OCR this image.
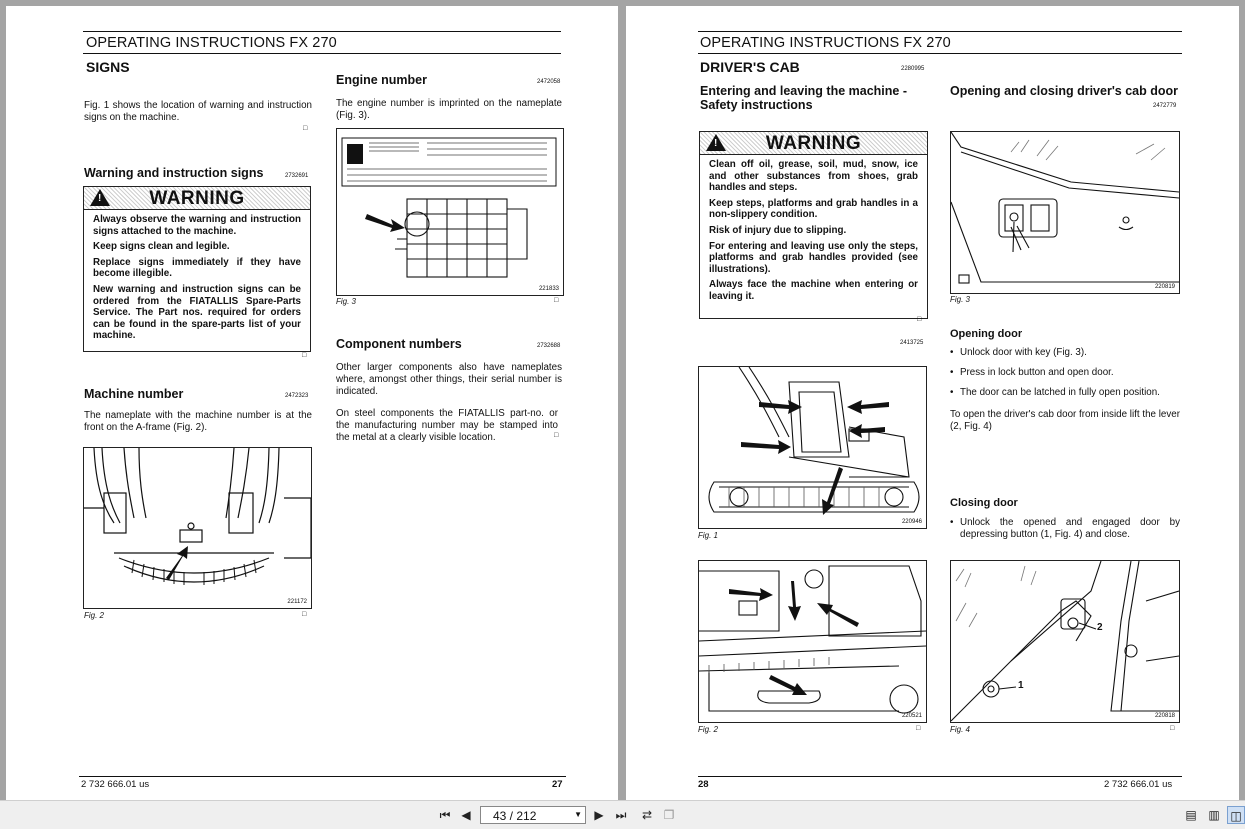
OPERATING INSTRUCTIONS FX 270
SIGNS
Fig. 1 shows the location of warning and instruction signs on the machine.
□
Warning and instruction signs	2732691
!	WARNING
Always observe the warning and instruction signs attached to the machine.
Keep signs clean and legible.
Replace signs immediately if they have become illegible.
New warning and instruction signs can be ordered from the FIATALLIS Spare-Parts Service. The Part nos. required for orders can be found in the spare-parts list of your machine.
□
Machine number	2472323
The nameplate with the machine number is at the front on the A-frame (Fig. 2).
221172
Fig. 2	□
Engine number	2472058
The engine number is imprinted on the nameplate (Fig. 3).
221833
Fig. 3	□
Component numbers	2732688
Other larger components also have nameplates where, amongst other things, their serial number is indicated.
On steel components the FIATALLIS part-no. or the manufacturing number may be stamped into the metal at a clearly visible location.	□
2 732 666.01 us	27
OPERATING INSTRUCTIONS FX 270
DRIVER'S CAB	2280995
Entering and leaving the machine - Safety instructions
!	WARNING
Clean off oil, grease, soil, mud, snow, ice and other substances from shoes, grab handles and steps.
Keep steps, platforms and grab handles in a non-slippery condition.
Risk of injury due to slipping.
For entering and leaving use only the steps, platforms and grab handles provided (see illustrations).
Always face the machine when entering or leaving it.
□
2413725
220946
Fig. 1
220521
Fig. 2	□
Opening and closing driver's cab door
2472779
220819
Fig. 3
Opening door
• Unlock door with key (Fig. 3).
• Press in lock button and open door.
• The door can be latched in fully open position.
To open the driver's cab door from inside lift the lever (2, Fig. 4)
Closing door
• Unlock the opened and engaged door by depressing button (1, Fig. 4) and close.
1
2
220818
Fig. 4	□
28	2 732 666.01 us
⏮ ◀	43 / 212	▼	▶ ⏭	⇄ ❐	▤ ▥ ◫
